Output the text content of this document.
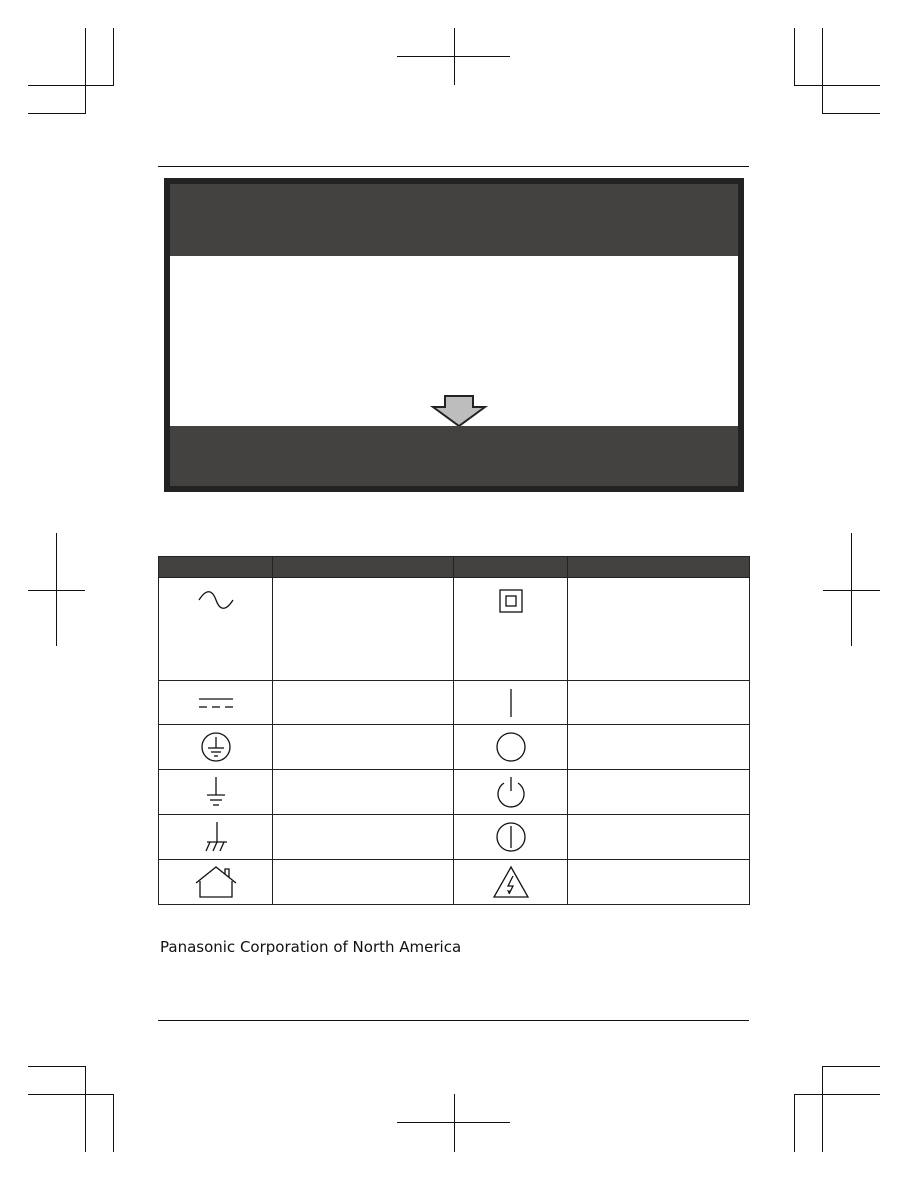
Panasonic Corporation of North America
